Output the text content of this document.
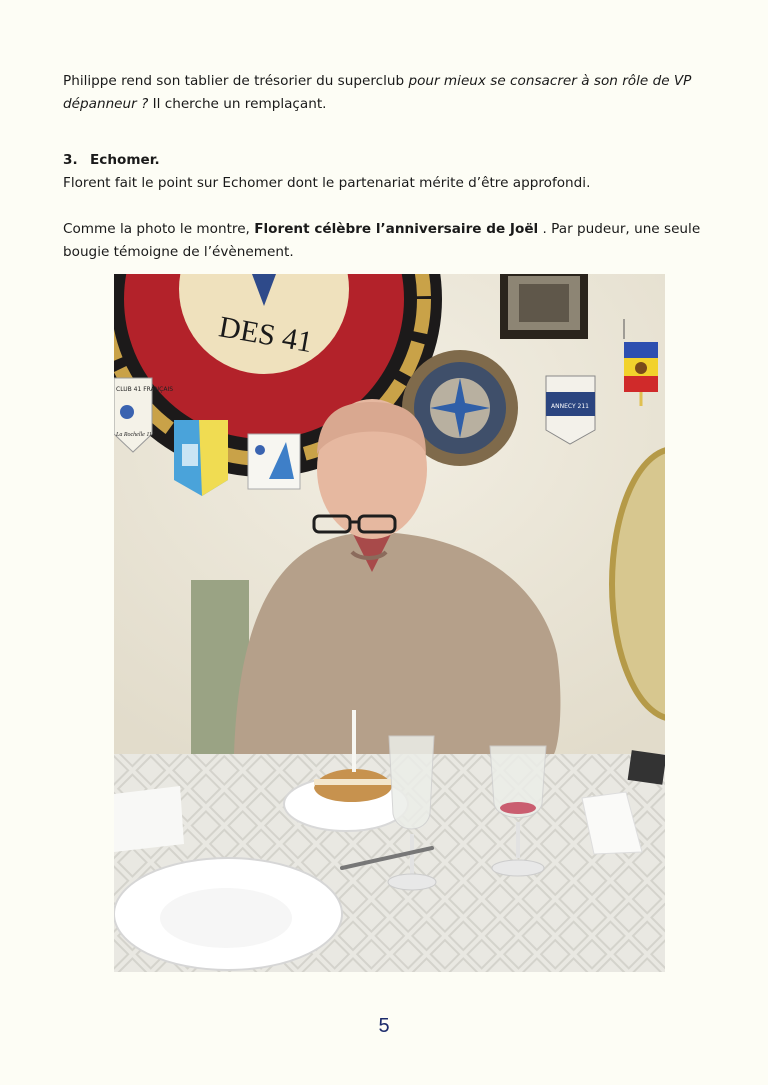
Philippe rend son tablier de trésorier du superclub pour mieux se consacrer à son rôle de VP dépanneur ? Il cherche un remplaçant.

3. Echomer.

Florent fait le point sur Echomer dont le partenariat mérite d’être approfondi.

Comme la photo le montre, Florent célèbre l’anniversaire de Joël . Par pudeur, une seule bougie témoigne de l’évènement.

DES 41
ANNECY 211
CLUB 41 FRANÇAIS
La Rochelle 117
5
